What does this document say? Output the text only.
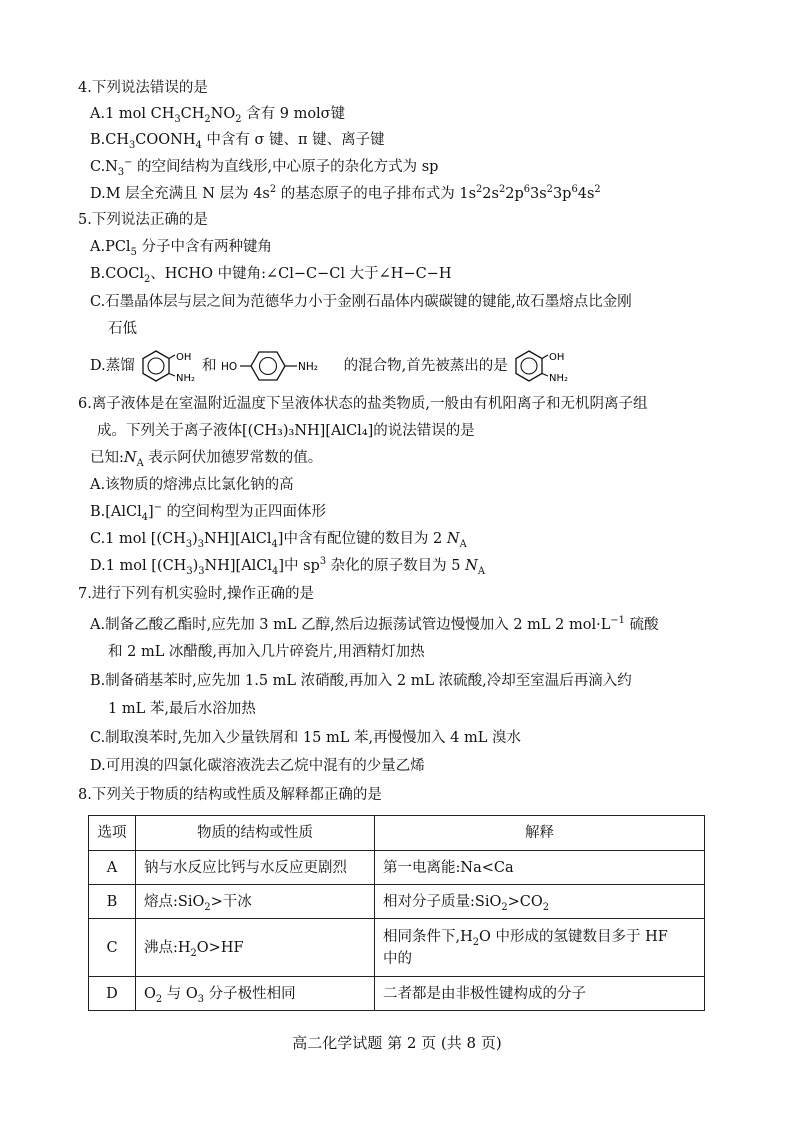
4.下列说法错误的是
A.1 mol $CH_3CH_2NO_2$ 含有 9 molσ键
$B.CH_3COONH_4$ 中含有 σ 键、π 键、离子键
$C.N_3^-$ 的空间结构为直线形,中心原子的杂化方式为 sp
D.M 层全充满且 N 层为 $4s^2$ 的基态原子的电子排布式为 $1s^22s^22p^63s^23p^64s^2$
5.下列说法正确的是
A.PCl$_5$ 分子中含有两种键角
B.COCl$_2$、HCHO 中键角:∠Cl−C−Cl 大于∠H−C−H
C.石墨晶体层与层之间为范德华力小于金刚石晶体内碳碳键的键能,故石墨熔点比金刚
石低
D.蒸馏
OH
NH₂
和 HO	NH₂ 的混合物,首先被蒸出的是
OH
NH₂
6.离子液体是在室温附近温度下呈液体状态的盐类物质,一般由有机阳离子和无机阴离子组
成。下列关于离子液体[(CH₃)₃NH][AlCl₄]的说法错误的是
已知$:N_A$ 表示阿伏加德罗常数的值。
A.该物质的熔沸点比氯化钠的高
B.[AlCl$_4$]− 的空间构型为正四面体形
C.1 mol $[(CH_3)_3NH][AlCl_4]$中含有配位键的数目为 2 $N_A$
D.1 mol $[(CH_3)_3NH][AlCl_4]$中 $sp^3$ 杂化的原子数目为 5 $N_A$
7.进行下列有机实验时,操作正确的是
A.制备乙酸乙酯时,应先加 3 mL 乙醇,然后边振荡试管边慢慢加入 2 mL 2 $mol\cdot L^{-1}$ 硫酸
和 2 mL 冰醋酸,再加入几片碎瓷片,用酒精灯加热
B.制备硝基苯时,应先加 1.5 mL 浓硝酸,再加入 2 mL 浓硫酸,冷却至室温后再滴入约
1 mL 苯,最后水浴加热
C.制取溴苯时,先加入少量铁屑和 15 mL 苯,再慢慢加入 4 mL 溴水
D.可用溴的四氯化碳溶液洗去乙烷中混有的少量乙烯
8.下列关于物质的结构或性质及解释都正确的是
选项	物质的结构或性质	解释
A	钠与水反应比钙与水反应更剧烈	第一电离能:Na<Ca
B	熔点:SiO$_2$>干冰	相对分子质量$:SiO_2>CO_2$
C	沸点$:H_2O>HF$	相同条件下$,H_2O$ 中形成的氢键数目多于 HF
中的

D	$O_2$ 与 $O_3$ 分子极性相同	二者都是由非极性键构成的分子
高二化学试题 第 2 页 (共 8 页)
